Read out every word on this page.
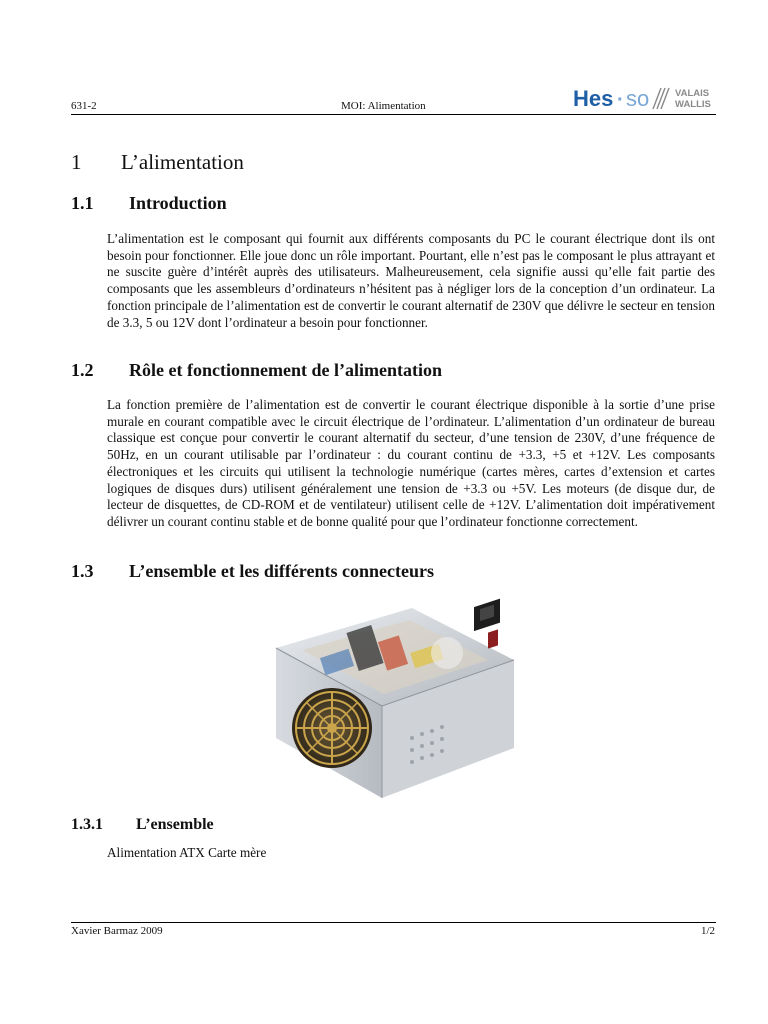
631-2	MOI: Alimentation	Hes · so	VALAIS
WALLIS
1 L’alimentation
1.1 Introduction

L’alimentation est le composant qui fournit aux différents composants du PC le courant électrique dont ils ont besoin pour fonctionner. Elle joue donc un rôle important. Pourtant, elle n’est pas le composant le plus attrayant et ne suscite guère d’intérêt auprès des utilisateurs. Malheureusement, cela signifie aussi qu’elle fait partie des composants que les assembleurs d’ordinateurs n’hésitent pas à négliger lors de la conception d’un ordinateur. La fonction principale de l’alimentation est de convertir le courant alternatif de 230V que délivre le secteur en tension de 3.3, 5 ou 12V dont l’ordinateur a besoin pour fonctionner.

1.2 Rôle et fonctionnement de l’alimentation

La fonction première de l’alimentation est de convertir le courant électrique disponible à la sortie d’une prise murale en courant compatible avec le circuit électrique de l’ordinateur. L’alimentation d’un ordinateur de bureau classique est conçue pour convertir le courant alternatif du secteur, d’une tension de 230V, d’une fréquence de 50Hz, en un courant utilisable par l’ordinateur : du courant continu de +3.3, +5 et +12V. Les composants électroniques et les circuits qui utilisent la technologie numérique (cartes mères, cartes d’extension et cartes logiques de disques durs) utilisent généralement une tension de +3.3 ou +5V. Les moteurs (de disque dur, de lecteur de disquettes, de CD-ROM et de ventilateur) utilisent celle de +12V. L’alimentation doit impérativement délivrer un courant continu stable et de bonne qualité pour que l’ordinateur fonctionne correctement.

1.3 L’ensemble et les différents connecteurs
1.3.1 L’ensemble
Alimentation ATX Carte mère
Xavier Barmaz 2009	1/2
